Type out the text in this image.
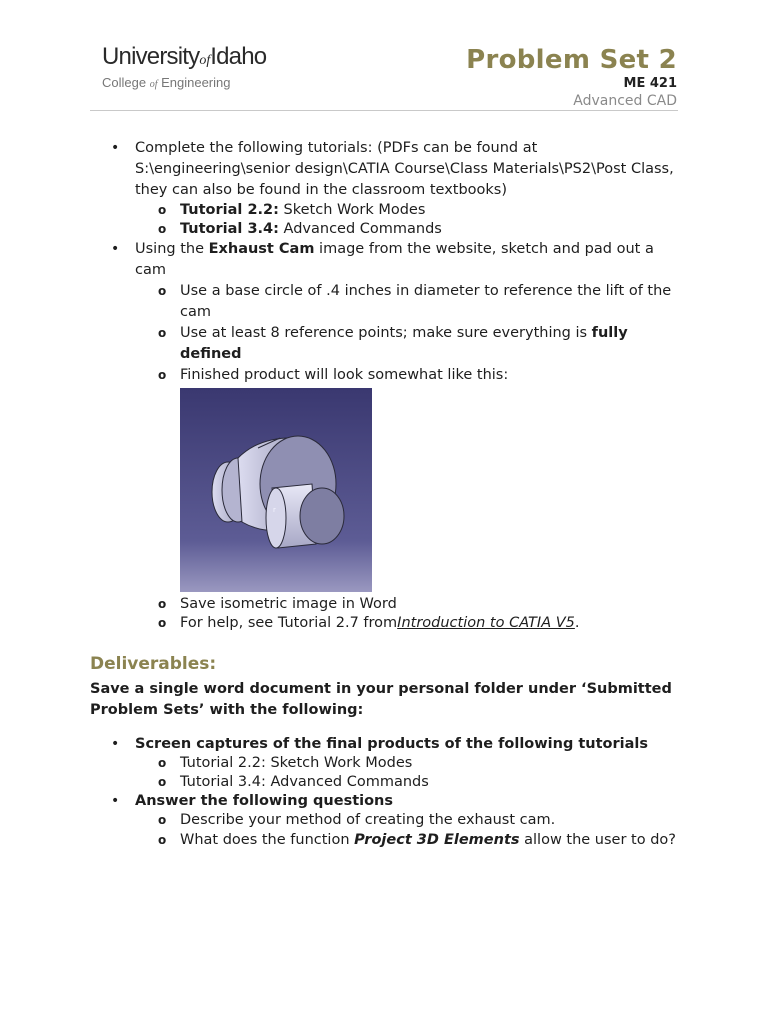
UniversityofIdaho
College of Engineering
Problem Set 2
ME 421
Advanced CAD
• Complete the following tutorials: (PDFs can be found at S:\engineering\senior design\CATIA Course\Class Materials\PS2\Post Class, they can also be found in the classroom textbooks)
o Tutorial 2.2: Sketch Work Modes
o Tutorial 3.4: Advanced Commands
• Using the Exhaust Cam image from the website, sketch and pad out a cam
o Use a base circle of .4 inches in diameter to reference the lift of the cam
o Use at least 8 reference points; make sure everything is fully defined
o Finished product will look somewhat like this:
r
o Save isometric image in Word
o For help, see Tutorial 2.7 fromIntroduction to CATIA V5.
Deliverables:
Save a single word document in your personal folder under ‘Submitted Problem Sets’ with the following:
• Screen captures of the final products of the following tutorials
o Tutorial 2.2: Sketch Work Modes
o Tutorial 3.4: Advanced Commands
• Answer the following questions
o Describe your method of creating the exhaust cam.
o What does the function Project 3D Elements allow the user to do?
